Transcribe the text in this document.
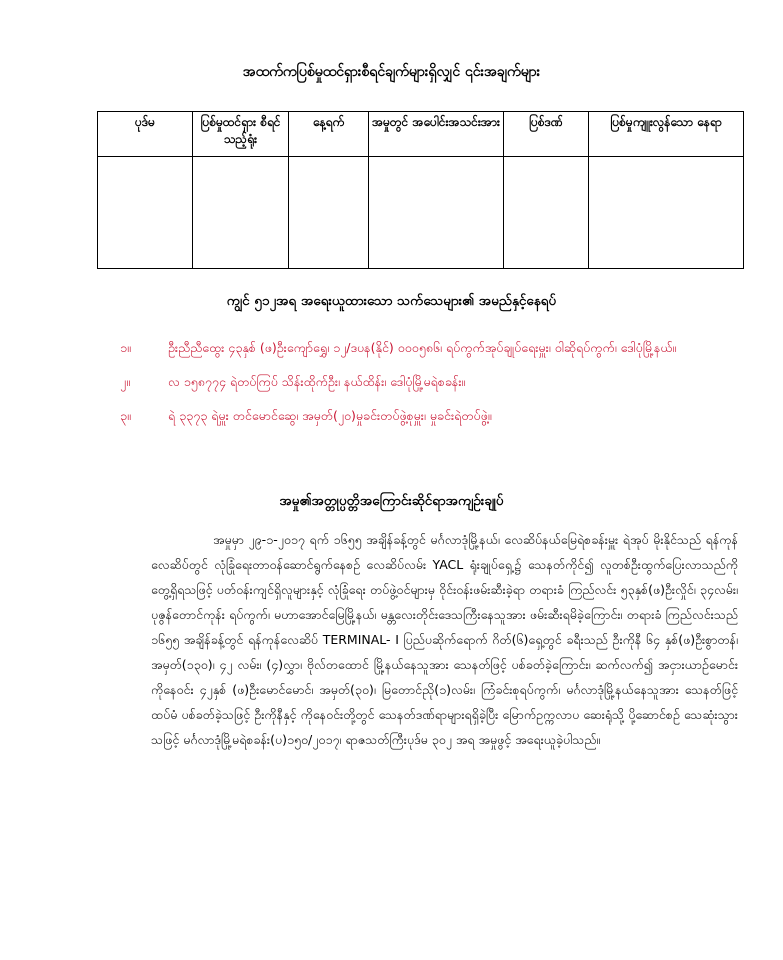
အထက်ကပြစ်မှုထင်ရှားစီရင်ချက်များရှိလျှင် ၎င်းအချက်များ
ပုဒ်မ	ပြစ်မှုထင်ရှား စီရင်သည့်ရုံး	နေ့ရက်	အမှုတွင် အပေါင်းအသင်းအား	ပြစ်ဒဏ်	ပြစ်မှုကျူးလွန်သော နေရာ

ကျွင် ၅၁၂အရ အရေးယူထားသော သက်သေများ၏ အမည်နှင့်နေရပ်
၁။	ဦးညီညီထွေး ၄၃နှစ် (ဖ)ဦးကျော်ရွှေ၊ ၁၂/ဒပန(နိုင်) ၀၀၀၅၈၆၊ ရပ်ကွက်အုပ်ချုပ်ရေးမှူး၊ ဝါဆိုရပ်ကွက်၊ ဒေါပုံမြို့နယ်။
၂။	လ ၁၅၈၇၇၄ ရဲတပ်ကြပ် သိန်းထိုက်ဦး၊ နယ်ထိန်း၊ ဒေါပုံမြို့မရဲစခန်း။
၃။	ရဲ ၃၃၇၃ ရဲမှူး တင်မောင်ဆွေ၊ အမှတ်(၂၀)မှုခင်းတပ်ဖွဲ့စုမှူး၊ မှုခင်းရဲတပ်ဖွဲ့။
အမှု၏အတ္တုပ္ပတ္တိအကြောင်းဆိုင်ရာအကျဉ်းချုပ်

အမှုမှာ ၂၉-၁-၂၀၁၇ ရက် ၁၆၅၅ အချိန်ခန့်တွင် မင်္ဂလာဒုံမြို့နယ်၊ လေဆိပ်နယ်မြေရဲစခန်းမှူး ရဲအုပ် မိုးနိုင်သည် ရန်ကုန်လေဆိပ်တွင် လုံခြုံရေးတာဝန်ဆောင်ရွက်နေစဉ် လေဆိပ်လမ်း YACL ရုံးချုပ်ရှေ့၌ သေနတ်ကိုင်၍ လူတစ်ဦးထွက်ပြေးလာသည်ကို တွေ့ရှိရသဖြင့် ပတ်ဝန်းကျင်ရှိလူများနှင့် လုံခြုံရေး တပ်ဖွဲ့ဝင်များမှ ဝိုင်းဝန်းဖမ်းဆီးခဲ့ရာ တရားခံ ကြည်လင်း ၅၃နှစ်(ဖ)ဦးလှိုင်၊ ၃၄လမ်း၊ ပုဇွန်တောင်ကုန်း ရပ်ကွက်၊ မဟာအောင်မြေမြို့နယ်၊ မန္တလေးတိုင်းဒေသကြီးနေသူအား ဖမ်းဆီးရမိခဲ့ကြောင်း၊ တရားခံ ကြည်လင်းသည် ၁၆၅၅ အချိန်ခန့်တွင် ရန်ကုန်လေဆိပ် TERMINAL- I ပြည်ပဆိုက်ရောက် ဂိတ်(၆)ရှေ့တွင် ခရီးသည် ဦးကိုနီ ၆၄ နှစ်(ဖ)ဦးစွာတန်၊ အမှတ်(၁၃၀)၊ ၄၂ လမ်း၊ (၄)လွှာ၊ ဗိုလ်တထောင် မြို့နယ်နေသူအား သေနတ်ဖြင့် ပစ်ခတ်ခဲ့ကြောင်း၊ ဆက်လက်၍ အငှားယာဉ်မောင်း ကိုနေဝင်း ၄၂နှစ် (ဖ)ဦးမောင်မောင်၊ အမှတ်(၃၀)၊ မြတောင်ညို(၁)လမ်း၊ ကြံခင်းစုရပ်ကွက်၊ မင်္ဂလာဒုံမြို့နယ်နေသူအား သေနတ်ဖြင့် ထပ်မံ ပစ်ခတ်ခဲ့သဖြင့် ဦးကိုနီနှင့် ကိုနေဝင်းတို့တွင် သေနတ်ဒဏ်ရာများရရှိခဲ့ပြီး မြောက်ဥက္ကလာပ ဆေးရုံသို့ ပို့ဆောင်စဉ် သေဆုံးသွားသဖြင့် မင်္ဂလာဒုံမြို့မရဲစခန်း(ပ)၁၅၀/၂၀၁၇၊ ရာဇသတ်ကြီးပုဒ်မ ၃၀၂ အရ အမှုဖွင့် အရေးယူခဲ့ပါသည်။
